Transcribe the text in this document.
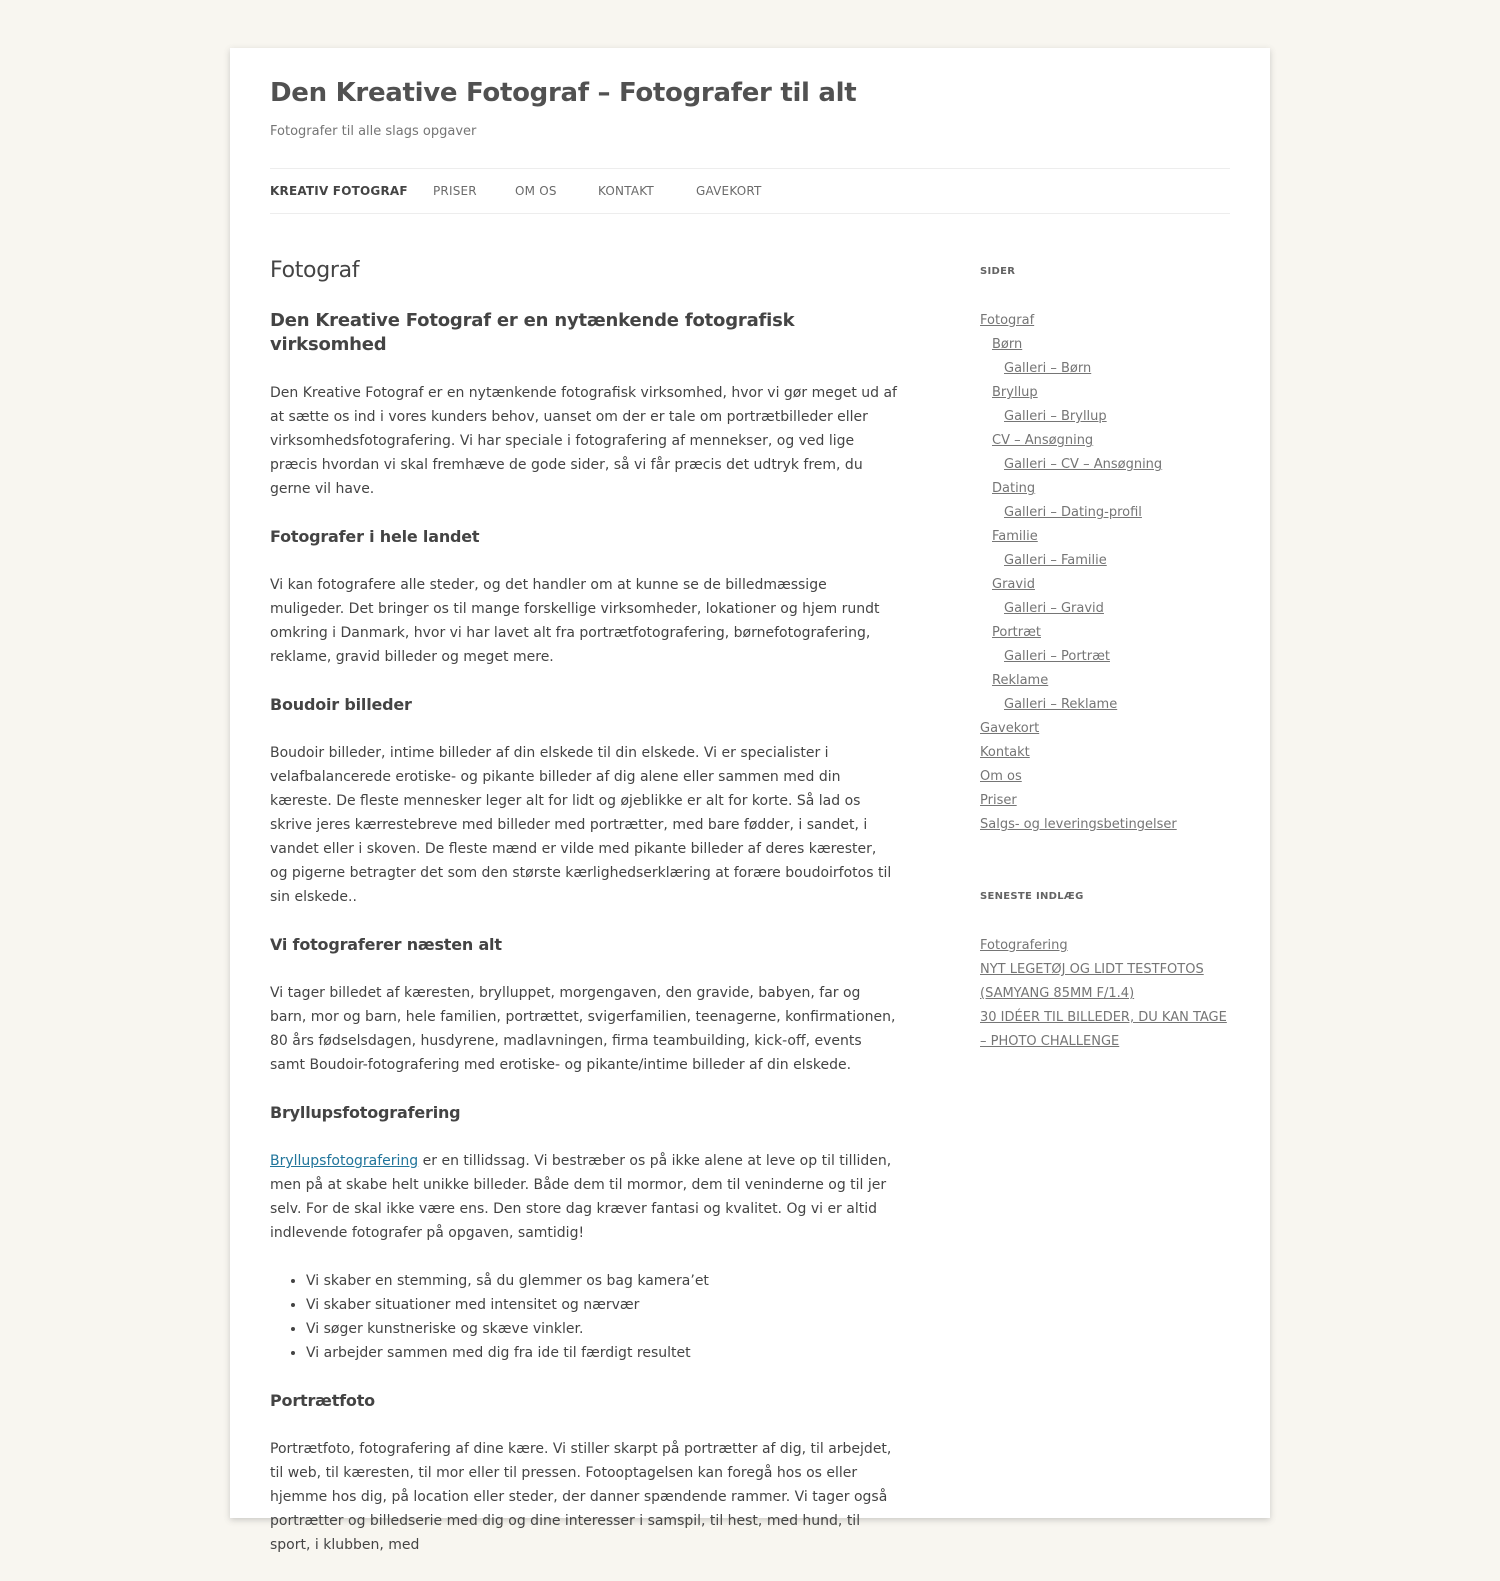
Den Kreative Fotograf – Fotografer til alt

Fotografer til alle slags opgaver

KREATIV FOTOGRAF PRISER	OM OS	KONTAKT	GAVEKORT
Fotograf
Den Kreative Fotograf er en nytænkende fotografisk virksomhed

Den Kreative Fotograf er en nytænkende fotografisk virksomhed, hvor vi gør meget ud af at sætte os ind i vores kunders behov, uanset om der er tale om portrætbilleder eller virksomhedsfotografering. Vi har speciale i fotografering af mennekser, og ved lige præcis hvordan vi skal fremhæve de gode sider, så vi får præcis det udtryk frem, du gerne vil have.

Fotografer i hele landet

Vi kan fotografere alle steder, og det handler om at kunne se de billedmæssige muligeder. Det bringer os til mange forskellige virksomheder, lokationer og hjem rundt omkring i Danmark, hvor vi har lavet alt fra portrætfotografering, børnefotografering, reklame, gravid billeder og meget mere.

Boudoir billeder

Boudoir billeder, intime billeder af din elskede til din elskede. Vi er specialister i velafbalancerede erotiske- og pikante billeder af dig alene eller sammen med din kæreste. De fleste mennesker leger alt for lidt og øjeblikke er alt for korte. Så lad os skrive jeres kærrestebreve med billeder med portrætter, med bare fødder, i sandet, i vandet eller i skoven. De fleste mænd er vilde med pikante billeder af deres kærester, og pigerne betragter det som den største kærlighedserklæring at forære boudoirfotos til sin elskede..

Vi fotograferer næsten alt

Vi tager billedet af kæresten, brylluppet, morgengaven, den gravide, babyen, far og barn, mor og barn, hele familien, portrættet, svigerfamilien, teenagerne, konfirmationen, 80 års fødselsdagen, husdyrene, madlavningen, firma teambuilding, kick-off, events samt Boudoir-fotografering med erotiske- og pikante/intime billeder af din elskede.

Bryllupsfotografering

Bryllupsfotografering er en tillidssag. Vi bestræber os på ikke alene at leve op til tilliden, men på at skabe helt unikke billeder. Både dem til mormor, dem til veninderne og til jer selv. For de skal ikke være ens. Den store dag kræver fantasi og kvalitet. Og vi er altid indlevende fotografer på opgaven, samtidig!

• Vi skaber en stemming, så du glemmer os bag kamera’et
• Vi skaber situationer med intensitet og nærvær
• Vi søger kunstneriske og skæve vinkler.
• Vi arbejder sammen med dig fra ide til færdigt resultet
Portrætfoto

Portrætfoto, fotografering af dine kære. Vi stiller skarpt på portrætter af dig, til arbejdet, til web, til kæresten, til mor eller til pressen. Fotooptagelsen kan foregå hos os eller hjemme hos dig, på location eller steder, der danner spændende rammer. Vi tager også portrætter og billedserie med dig og dine interesser i samspil, til hest, med hund, til sport, i klubben, med

SIDER
Fotograf
Børn
Galleri – Børn
Bryllup
Galleri – Bryllup
CV – Ansøgning
Galleri – CV – Ansøgning
Dating
Galleri – Dating-profil
Familie
Galleri – Familie
Gravid
Galleri – Gravid
Portræt
Galleri – Portræt
Reklame
Galleri – Reklame
Gavekort
Kontakt
Om os
Priser
Salgs- og leveringsbetingelser
SENESTE INDLÆG
Fotografering
NYT LEGETØJ OG LIDT TESTFOTOS (SAMYANG 85MM F/1.4)
30 IDÉER TIL BILLEDER, DU KAN TAGE – PHOTO CHALLENGE
